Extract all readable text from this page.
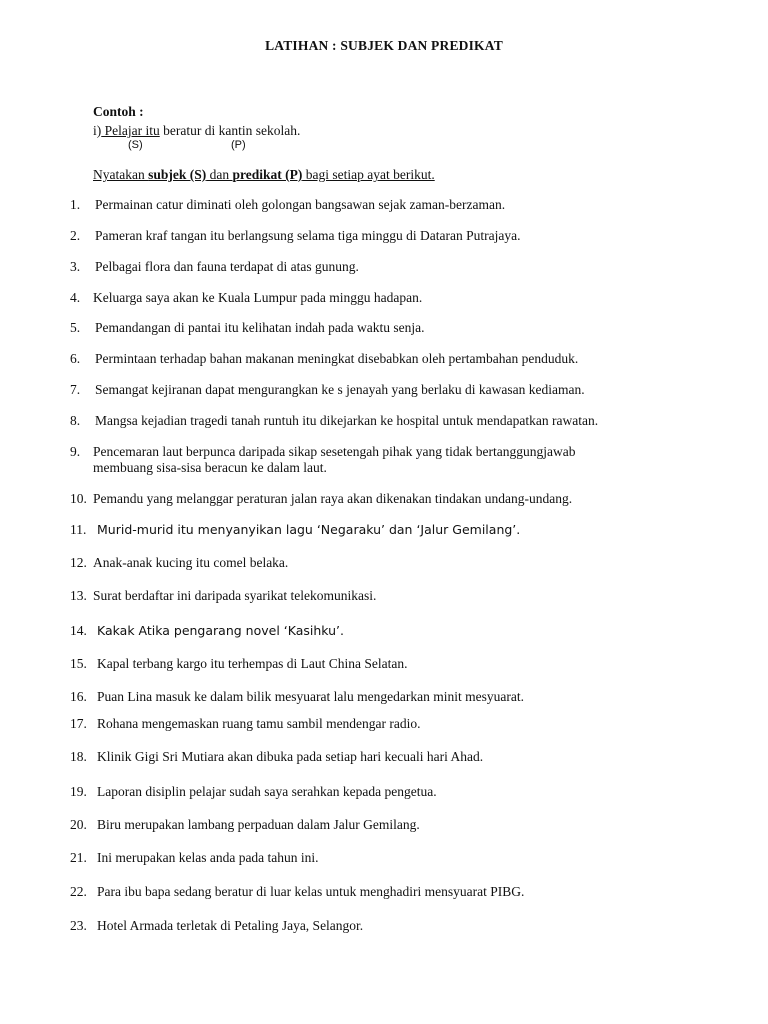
LATIHAN : SUBJEK DAN PREDIKAT
Contoh :
i) Pelajar itu beratur di kantin sekolah.
(S)	(P)
Nyatakan subjek (S) dan predikat (P) bagi setiap ayat berikut.
1. Permainan catur diminati oleh golongan bangsawan sejak zaman-berzaman.
2. Pameran kraf tangan itu berlangsung selama tiga minggu di Dataran Putrajaya.
3. Pelbagai flora dan fauna terdapat di atas gunung.
4. Keluarga saya akan ke Kuala Lumpur pada minggu hadapan.
5. Pemandangan di pantai itu kelihatan indah pada waktu senja.
6. Permintaan terhadap bahan makanan meningkat disebabkan oleh pertambahan penduduk.
7. Semangat kejiranan dapat mengurangkan ke s jenayah yang berlaku di kawasan kediaman.
8. Mangsa kejadian tragedi tanah runtuh itu dikejarkan ke hospital untuk mendapatkan rawatan.
9. Pencemaran laut berpunca daripada sikap sesetengah pihak yang tidak bertanggungjawab
membuang sisa-sisa beracun ke dalam laut.
10. Pemandu yang melanggar peraturan jalan raya akan dikenakan tindakan undang-undang.
11. Murid-murid itu menyanyikan lagu ‘Negaraku’ dan ‘Jalur Gemilang’.
12. Anak-anak kucing itu comel belaka.
13. Surat berdaftar ini daripada syarikat telekomunikasi.
14. Kakak Atika pengarang novel ‘Kasihku’.
15. Kapal terbang kargo itu terhempas di Laut China Selatan.
16. Puan Lina masuk ke dalam bilik mesyuarat lalu mengedarkan minit mesyuarat.
17. Rohana mengemaskan ruang tamu sambil mendengar radio.
18. Klinik Gigi Sri Mutiara akan dibuka pada setiap hari kecuali hari Ahad.
19. Laporan disiplin pelajar sudah saya serahkan kepada pengetua.
20. Biru merupakan lambang perpaduan dalam Jalur Gemilang.
21. Ini merupakan kelas anda pada tahun ini.
22. Para ibu bapa sedang beratur di luar kelas untuk menghadiri mensyuarat PIBG.
23. Hotel Armada terletak di Petaling Jaya, Selangor.
